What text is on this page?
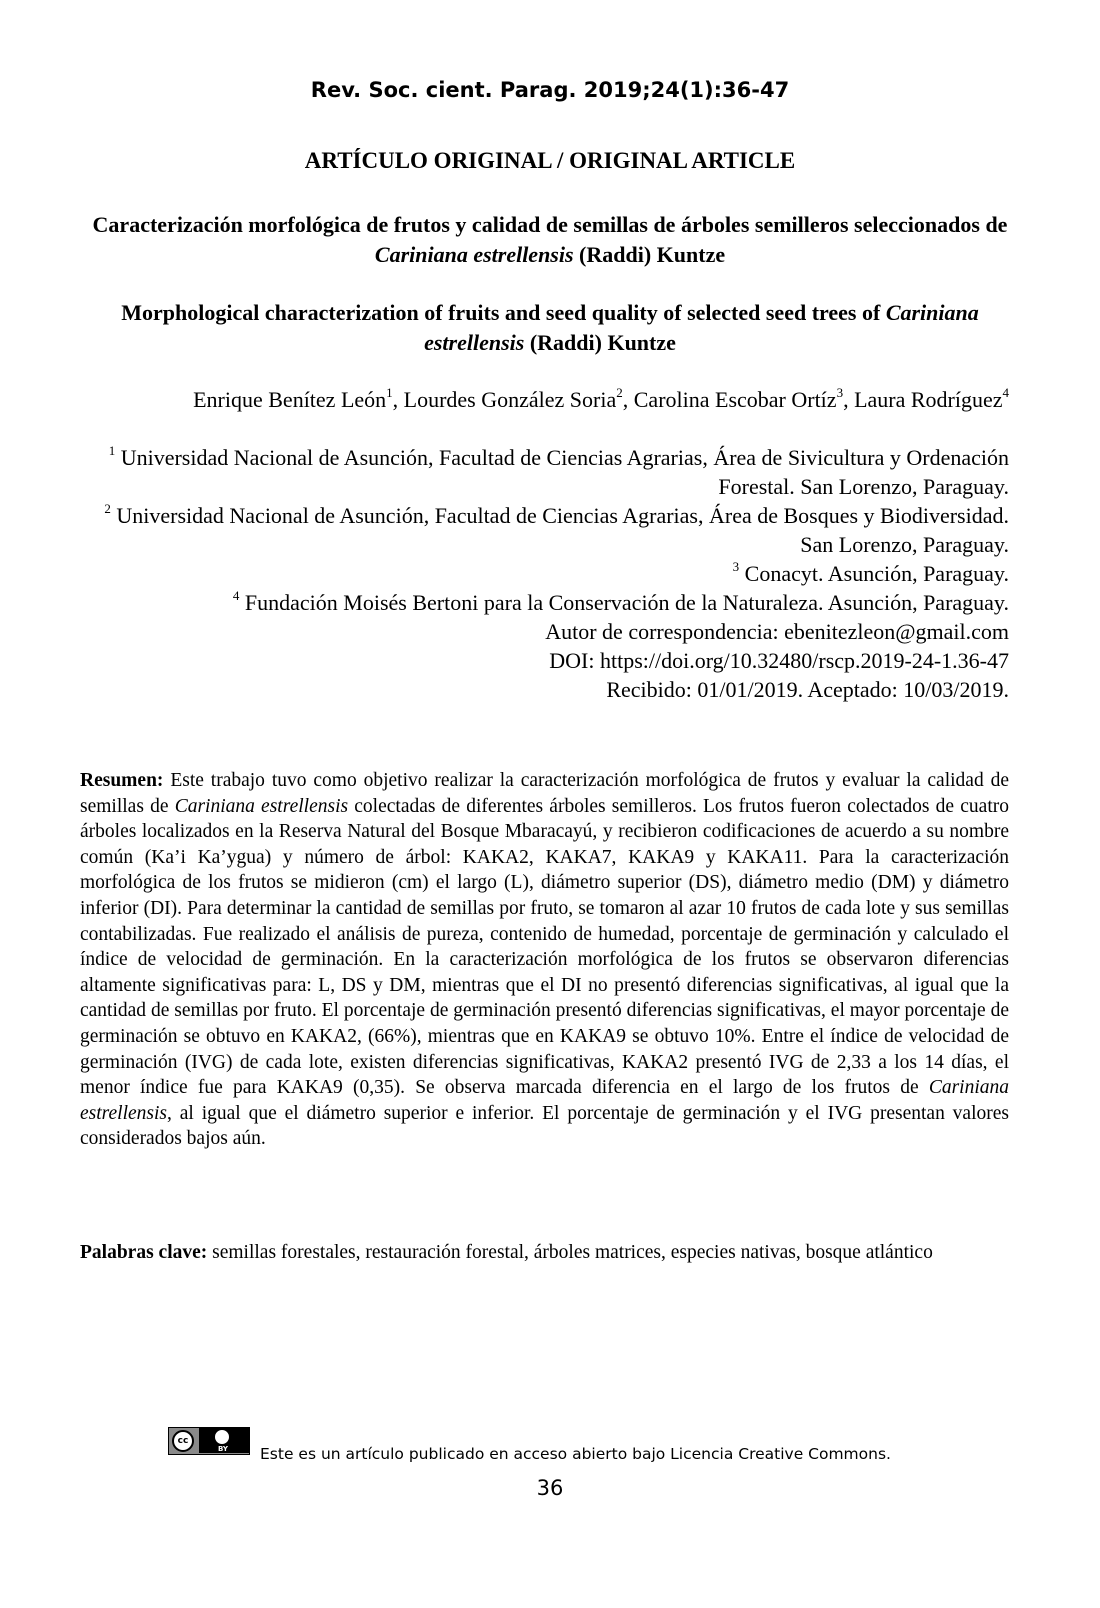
Rev. Soc. cient. Parag. 2019;24(1):36-47
ARTÍCULO ORIGINAL / ORIGINAL ARTICLE
Caracterización morfológica de frutos y calidad de semillas de árboles semilleros seleccionados de Cariniana estrellensis (Raddi) Kuntze
Morphological characterization of fruits and seed quality of selected seed trees of Cariniana estrellensis (Raddi) Kuntze
Enrique Benítez León$^1$, Lourdes González Soria$^2$, Carolina Escobar Ortíz$^3$, Laura Rodríguez$^4$
$^1$ Universidad Nacional de Asunción, Facultad de Ciencias Agrarias, Área de Sivicultura y Ordenación Forestal. San Lorenzo, Paraguay.
$^2$ Universidad Nacional de Asunción, Facultad de Ciencias Agrarias, Área de Bosques y Biodiversidad. San Lorenzo, Paraguay.
$^3$ Conacyt. Asunción, Paraguay.
$^4$ Fundación Moisés Bertoni para la Conservación de la Naturaleza. Asunción, Paraguay.
Autor de correspondencia: ebenitezleon@gmail.com
DOI: https://doi.org/10.32480/rscp.2019-24-1.36-47
Recibido: 01/01/2019. Aceptado: 10/03/2019.
Resumen: Este trabajo tuvo como objetivo realizar la caracterización morfológica de frutos y evaluar la calidad de semillas de Cariniana estrellensis colectadas de diferentes árboles semilleros. Los frutos fueron colectados de cuatro árboles localizados en la Reserva Natural del Bosque Mbaracayú, y recibieron codificaciones de acuerdo a su nombre común (Ka’i Ka’ygua) y número de árbol: KAKA2, KAKA7, KAKA9 y KAKA11. Para la caracterización morfológica de los frutos se midieron (cm) el largo (L), diámetro superior (DS), diámetro medio (DM) y diámetro inferior (DI). Para determinar la cantidad de semillas por fruto, se tomaron al azar 10 frutos de cada lote y sus semillas contabilizadas. Fue realizado el análisis de pureza, contenido de humedad, porcentaje de germinación y calculado el índice de velocidad de germinación. En la caracterización morfológica de los frutos se observaron diferencias altamente significativas para: L, DS y DM, mientras que el DI no presentó diferencias significativas, al igual que la cantidad de semillas por fruto. El porcentaje de germinación presentó diferencias significativas, el mayor porcentaje de germinación se obtuvo en KAKA2, (66%), mientras que en KAKA9 se obtuvo 10%. Entre el índice de velocidad de germinación (IVG) de cada lote, existen diferencias significativas, KAKA2 presentó IVG de 2,33 a los 14 días, el menor índice fue para KAKA9 (0,35). Se observa marcada diferencia en el largo de los frutos de Cariniana estrellensis, al igual que el diámetro superior e inferior. El porcentaje de germinación y el IVG presentan valores considerados bajos aún.
Palabras clave: semillas forestales, restauración forestal, árboles matrices, especies nativas, bosque atlántico
cc
BY	Este es un artículo publicado en acceso abierto bajo Licencia Creative Commons.
36
